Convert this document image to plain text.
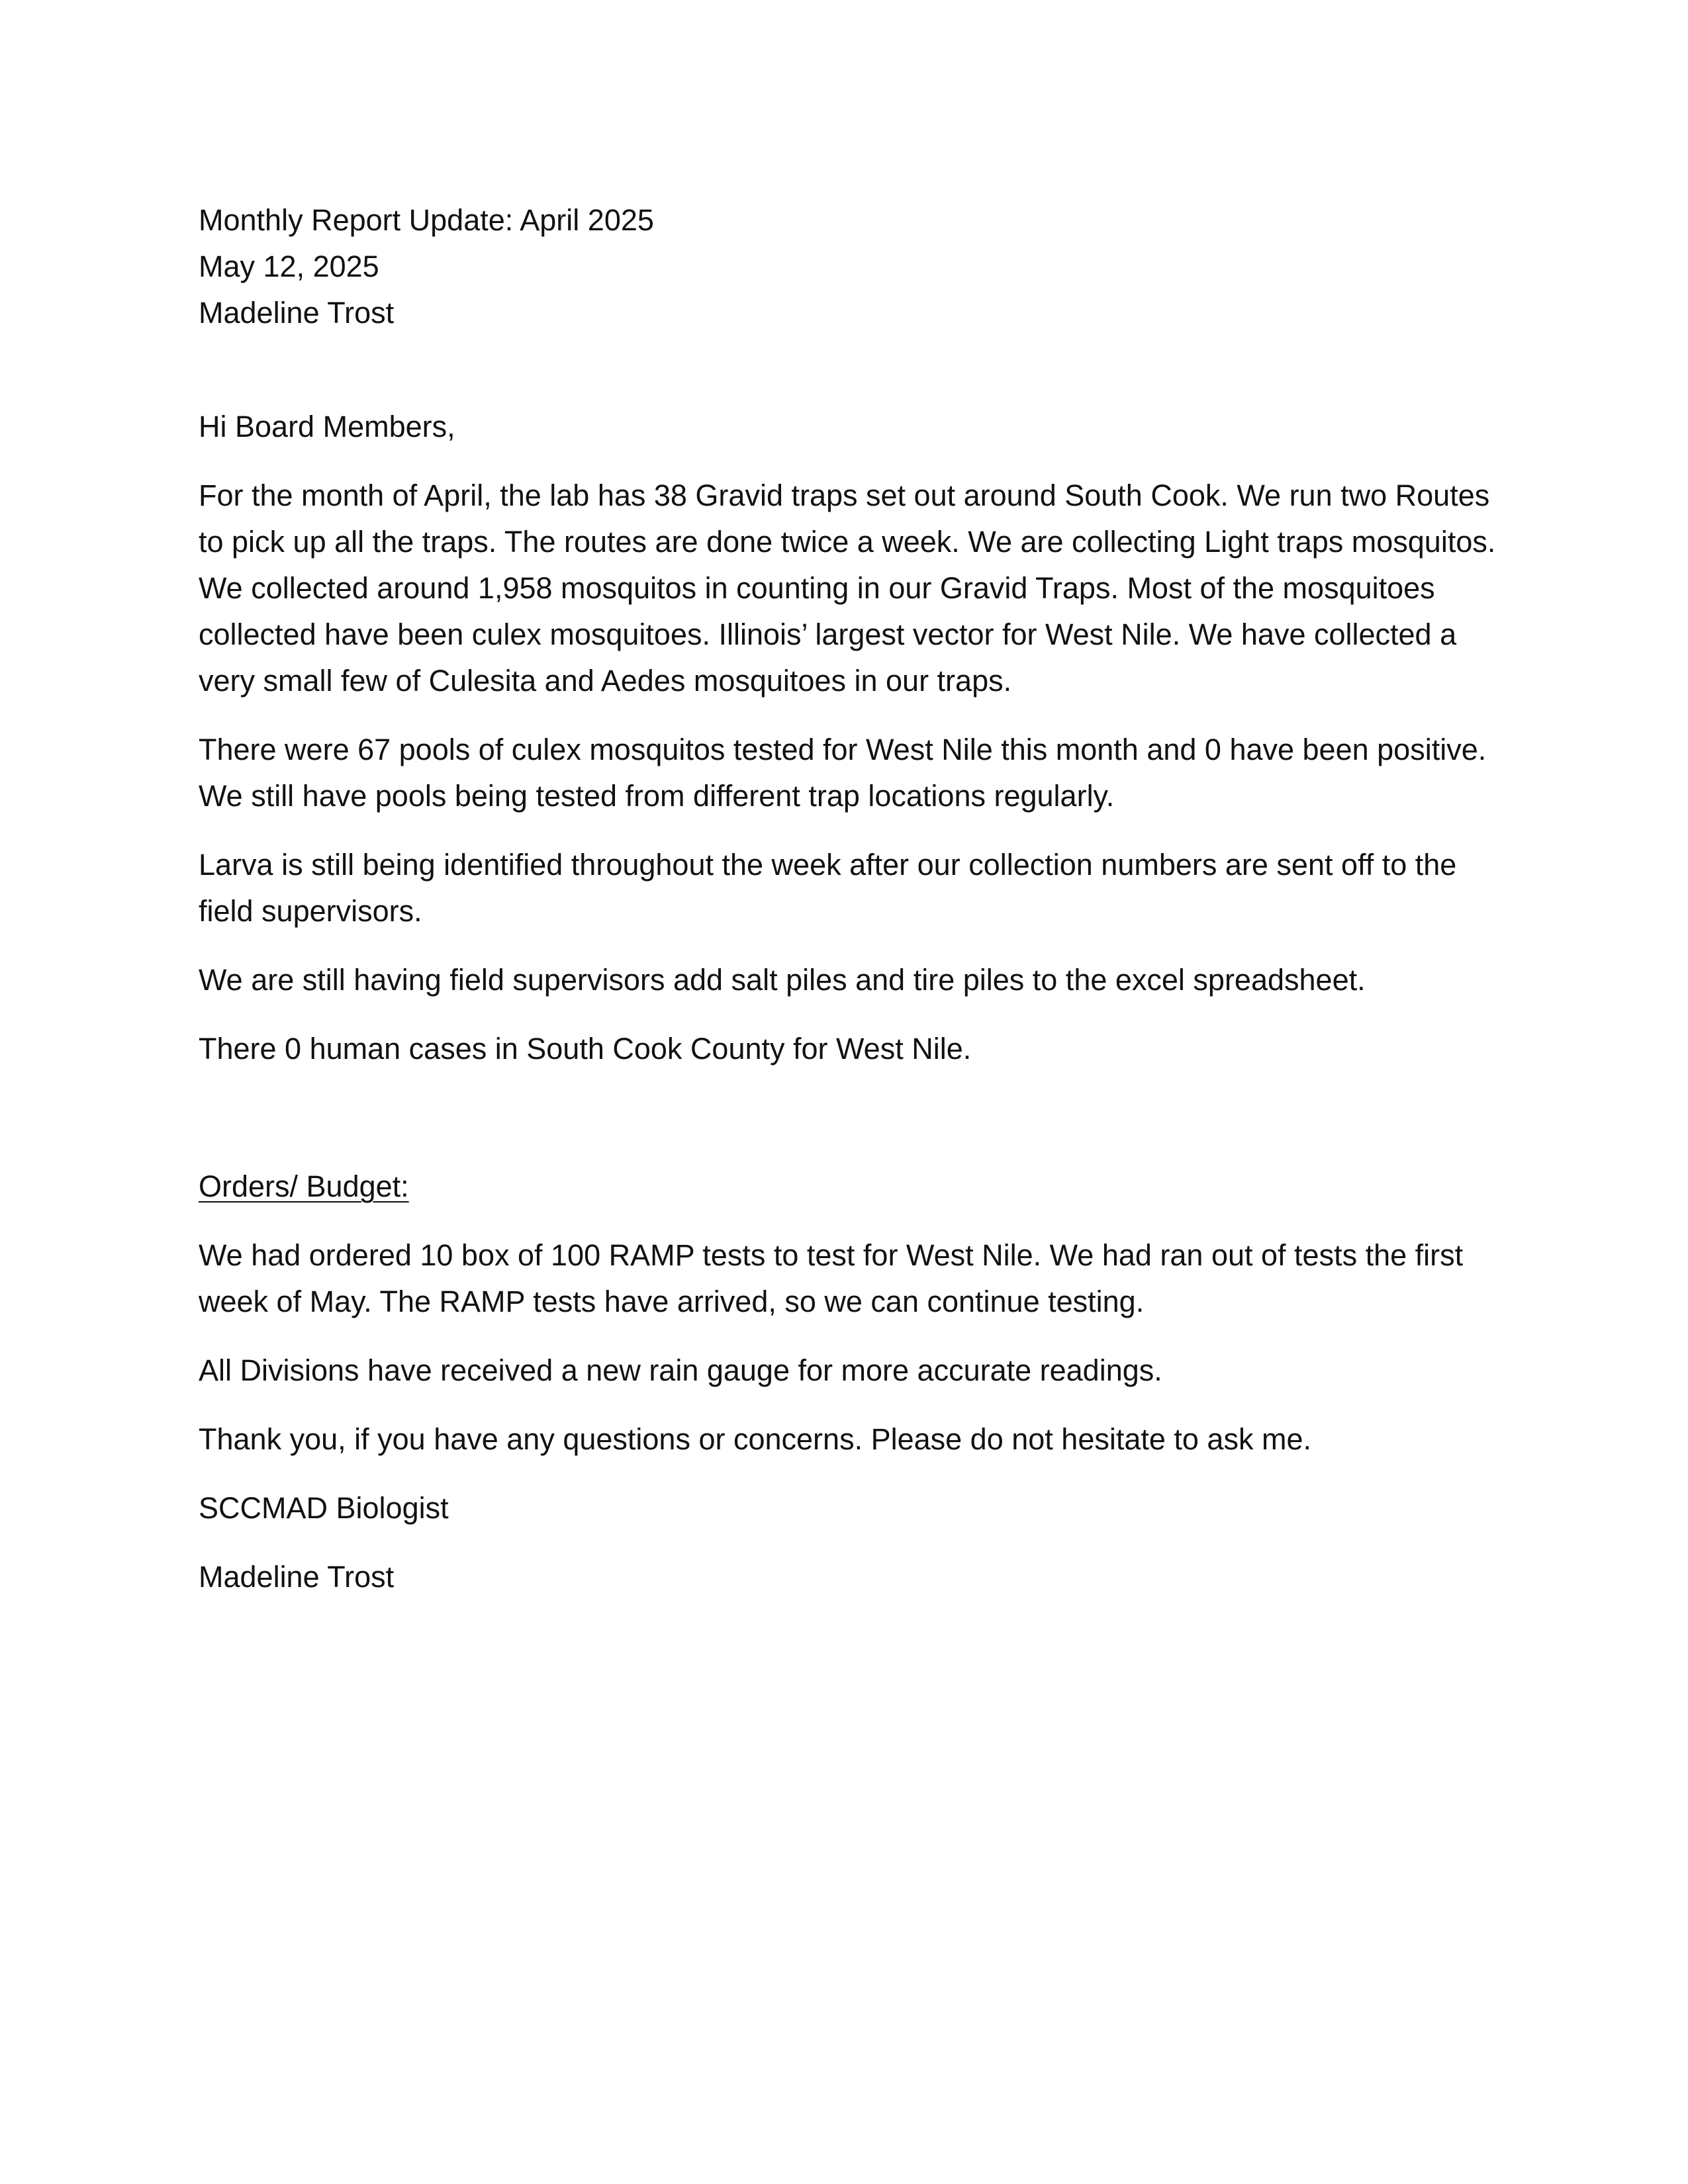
Monthly Report Update: April 2025
May 12, 2025
Madeline Trost

Hi Board Members,

For the month of April, the lab has 38 Gravid traps set out around South Cook. We run two Routes to pick up all the traps. The routes are done twice a week. We are collecting Light traps mosquitos. We collected around 1,958 mosquitos in counting in our Gravid Traps. Most of the mosquitoes collected have been culex mosquitoes. Illinois’ largest vector for West Nile. We have collected a very small few of Culesita and Aedes mosquitoes in our traps.

There were 67 pools of culex mosquitos tested for West Nile this month and 0 have been positive. We still have pools being tested from different trap locations regularly.

Larva is still being identified throughout the week after our collection numbers are sent off to the field supervisors.

We are still having field supervisors add salt piles and tire piles to the excel spreadsheet.

There 0 human cases in South Cook County for West Nile.

Orders/ Budget:

We had ordered 10 box of 100 RAMP tests to test for West Nile. We had ran out of tests the first week of May. The RAMP tests have arrived, so we can continue testing.

All Divisions have received a new rain gauge for more accurate readings.

Thank you, if you have any questions or concerns. Please do not hesitate to ask me.

SCCMAD Biologist

Madeline Trost
